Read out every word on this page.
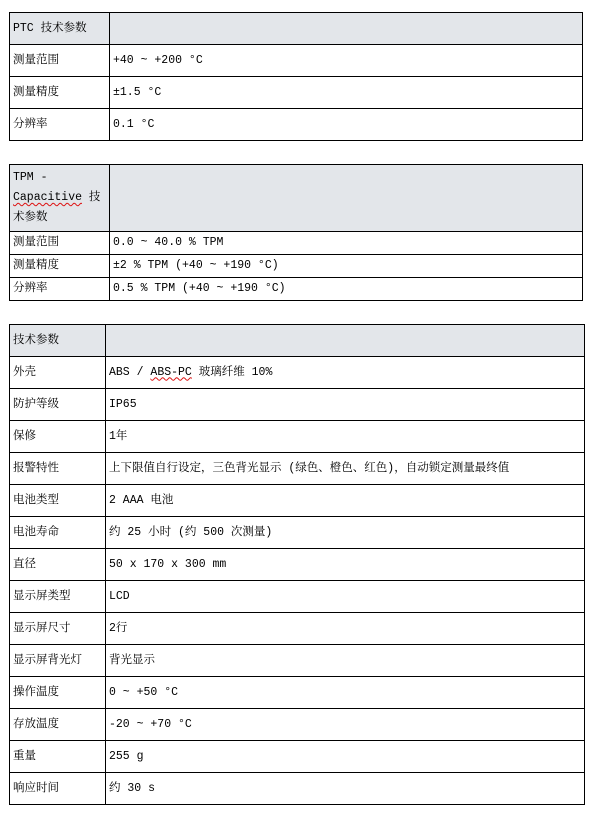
PTC 技术参数	
测量范围	+40 ~ +200 °C
测量精度	±1.5 °C
分辨率	0.1 °C
TPM -
Capacitive 技术参数	
测量范围	0.0 ~ 40.0 % TPM
测量精度	±2 % TPM (+40 ~ +190 °C)
分辨率	0.5 % TPM (+40 ~ +190 °C)
技术参数	
外壳	ABS / ABS-PC 玻璃纤维 10%
防护等级	IP65
保修	1年
报警特性	上下限值自行设定，三色背光显示 (绿色、橙色、红色)，自动锁定测量最终值
电池类型	2 AAA 电池
电池寿命	约 25 小时 (约 500 次测量)
直径	50 x 170 x 300 mm
显示屏类型	LCD
显示屏尺寸	2行
显示屏背光灯	背光显示
操作温度	0 ~ +50 °C
存放温度	-20 ~ +70 °C
重量	255 g
响应时间	约 30 s
